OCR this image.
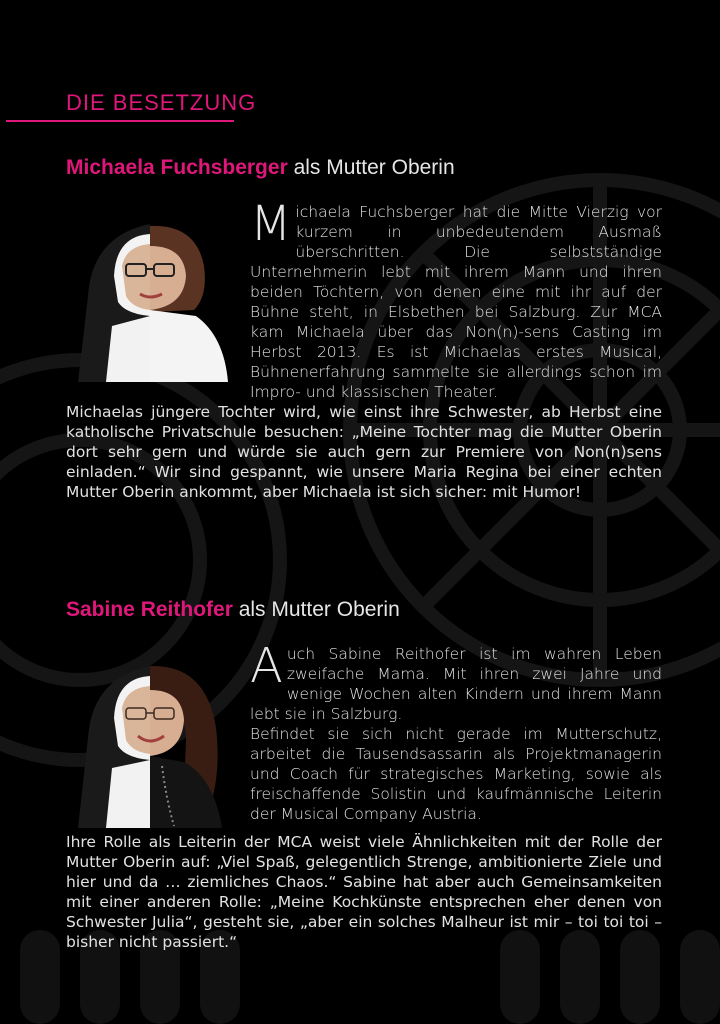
DIE BESETZUNG
Michaela Fuchsberger als Mutter Oberin

Michaela Fuchsberger hat die Mitte Vierzig vor kurzem in unbedeutendem Ausmaß überschritten. Die selbstständige Unternehmerin lebt mit ihrem Mann und ihren beiden Töchtern, von denen eine mit ihr auf der Bühne steht, in Elsbethen bei Salzburg. Zur MCA kam Michaela über das Non(n)-sens Casting im Herbst 2013. Es ist Michaelas erstes Musical, Bühnenerfahrung sammelte sie allerdings schon im Impro- und klassischen Theater.

Michaelas jüngere Tochter wird, wie einst ihre Schwester, ab Herbst eine katholische Privatschule besuchen: „Meine Tochter mag die Mutter Oberin dort sehr gern und würde sie auch gern zur Premiere von Non(n)sens einladen.“ Wir sind gespannt, wie unsere Maria Regina bei einer echten Mutter Oberin ankommt, aber Michaela ist sich sicher: mit Humor!

Sabine Reithofer als Mutter Oberin

Auch Sabine Reithofer ist im wahren Leben zweifache Mama. Mit ihren zwei Jahre und wenige Wochen alten Kindern und ihrem Mann lebt sie in Salzburg.

Befindet sie sich nicht gerade im Mutterschutz, arbeitet die Tausendsassarin als Projektmanagerin und Coach für strategisches Marketing, sowie als freischaffende Solistin und kaufmännische Leiterin der Musical Company Austria.

Ihre Rolle als Leiterin der MCA weist viele Ähnlichkeiten mit der Rolle der Mutter Oberin auf: „Viel Spaß, gelegentlich Strenge, ambitionierte Ziele und hier und da … ziemliches Chaos.“ Sabine hat aber auch Gemeinsamkeiten mit einer anderen Rolle: „Meine Kochkünste entsprechen eher denen von Schwester Julia“, gesteht sie, „aber ein solches Malheur ist mir – toi toi toi – bisher nicht passiert.“
